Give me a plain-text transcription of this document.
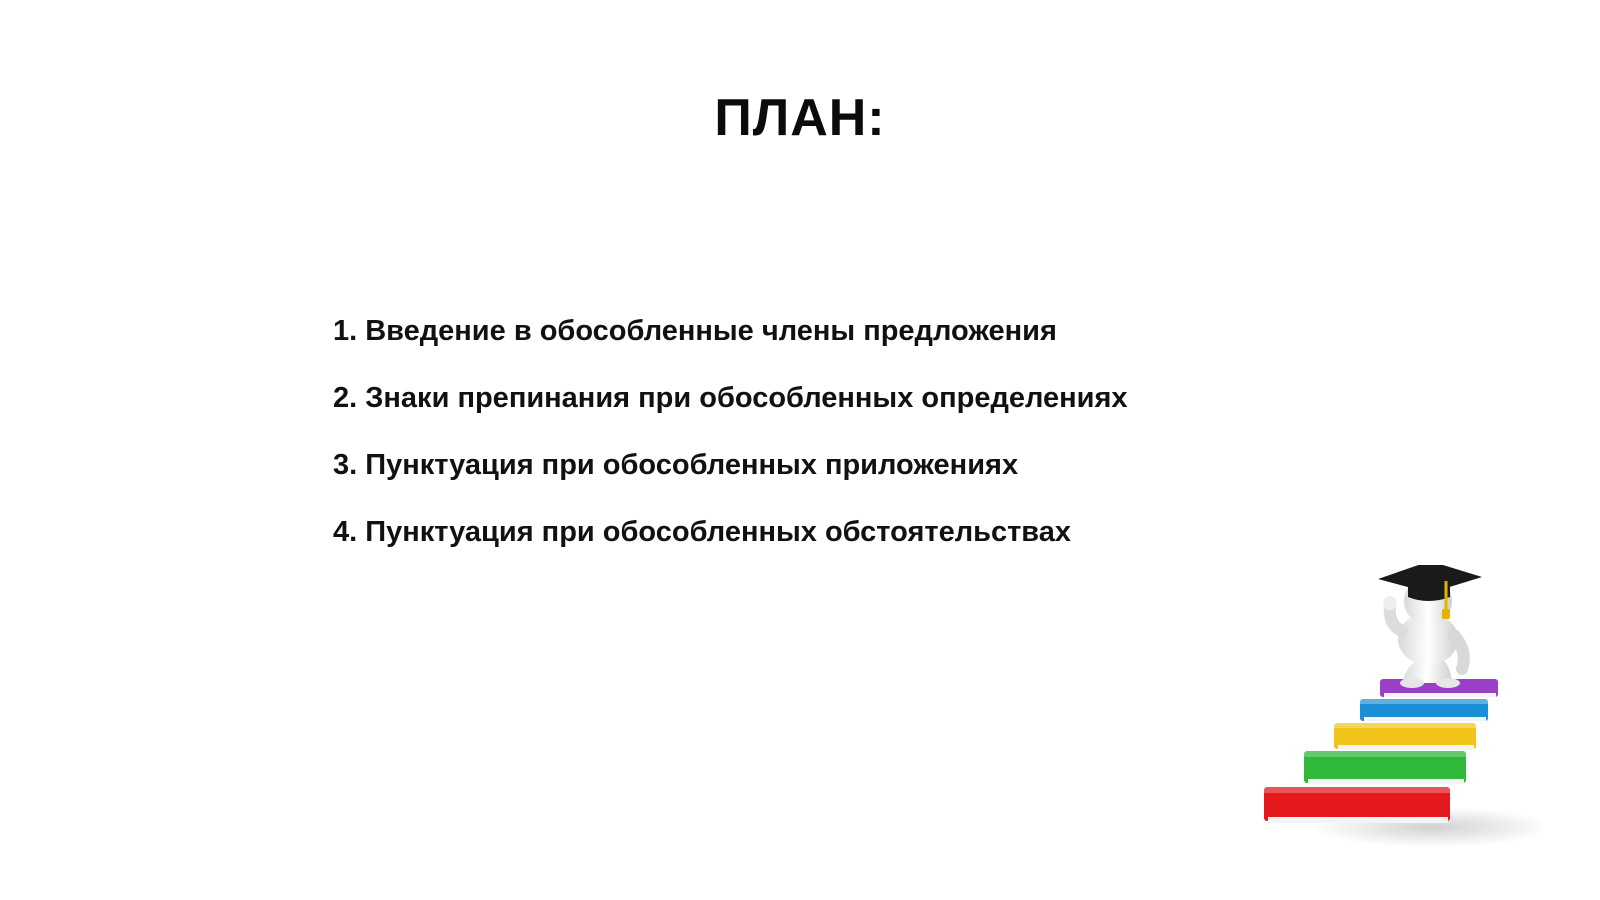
ПЛАН:
1. Введение в обособленные члены предложения
2. Знаки препинания при обособленных определениях
3. Пунктуация при обособленных приложениях
4. Пунктуация при обособленных обстоятельствах
